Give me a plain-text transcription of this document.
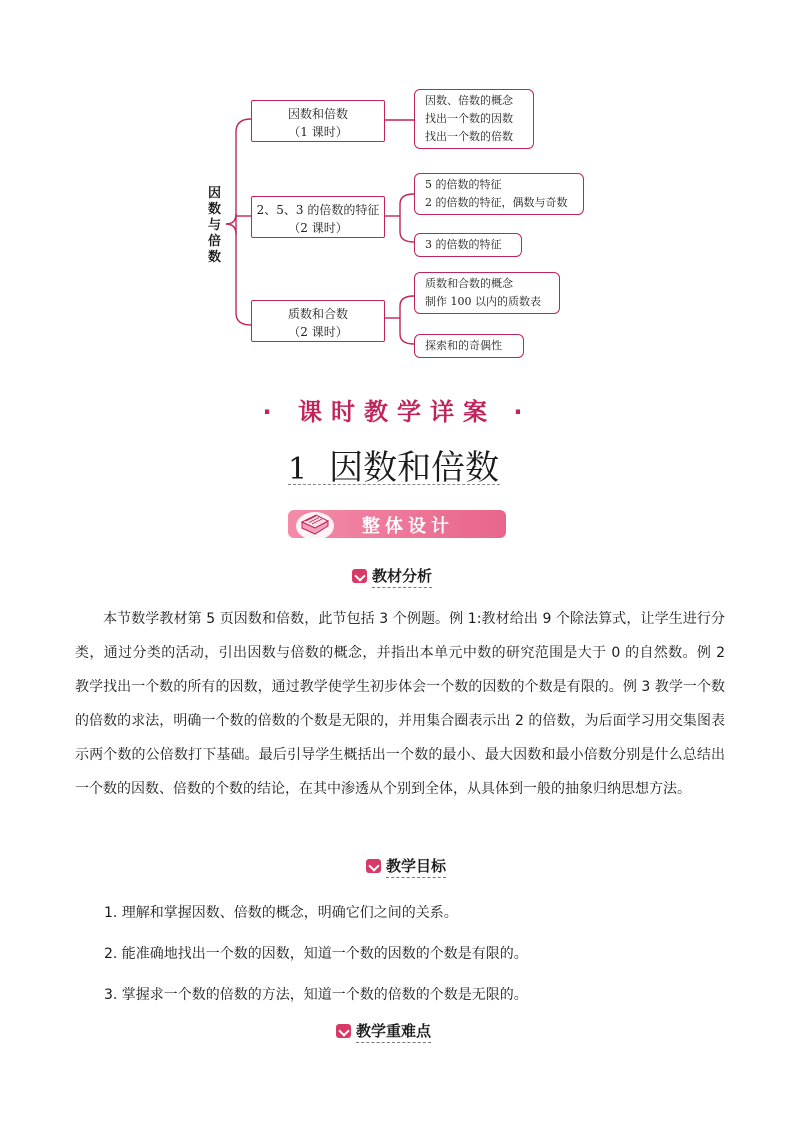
因数与倍数
因数和倍数
（1 课时）
2、5、3 的倍数的特征
（2 课时）
质数和合数
（2 课时）
因数、倍数的概念
找出一个数的因数
找出一个数的倍数
5 的倍数的特征
2 的倍数的特征，偶数与奇数
3 的倍数的特征
质数和合数的概念
制作 100 以内的质数表
探索和的奇偶性
· 课时教学详案 ·
1 因数和倍数
整体设计
教材分析
本节数学教材第 5 页因数和倍数，此节包括 3 个例题。例 1:教材给出 9 个除法算式，让学生进行分类，通过分类的活动，引出因数与倍数的概念，并指出本单元中数的研究范围是大于 0 的自然数。例 2 教学找出一个数的所有的因数，通过教学使学生初步体会一个数的因数的个数是有限的。例 3 教学一个数的倍数的求法，明确一个数的倍数的个数是无限的，并用集合圈表示出 2 的倍数，为后面学习用交集图表示两个数的公倍数打下基础。最后引导学生概括出一个数的最小、最大因数和最小倍数分别是什么总结出一个数的因数、倍数的个数的结论，在其中渗透从个别到全体，从具体到一般的抽象归纳思想方法。
教学目标
1. 理解和掌握因数、倍数的概念，明确它们之间的关系。
2. 能准确地找出一个数的因数，知道一个数的因数的个数是有限的。
3. 掌握求一个数的倍数的方法，知道一个数的倍数的个数是无限的。
教学重难点
